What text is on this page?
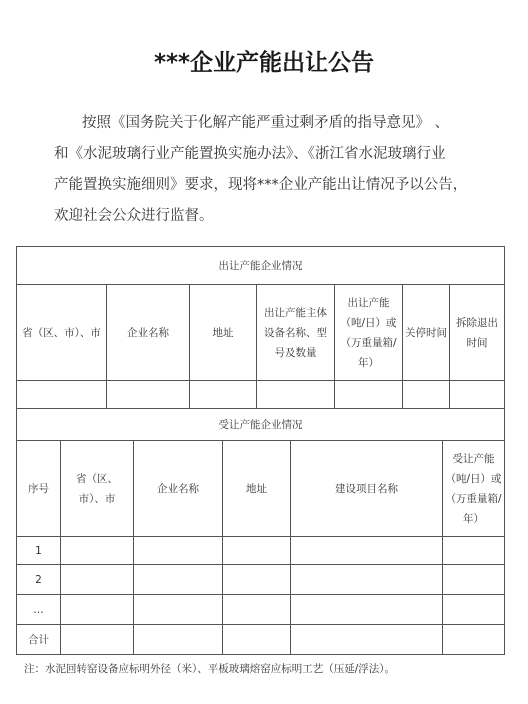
***企业产能出让公告
按照《国务院关于化解产能严重过剩矛盾的指导意见》 、
和《水泥玻璃行业产能置换实施办法》、《浙江省水泥玻璃行业
产能置换实施细则》要求，现将***企业产能出让情况予以公告，
欢迎社会公众进行监督。
出让产能企业情况						
省（区、市）、市	企业名称	地址	出让产能主体设备名称、型号及数量	出让产能（吨/日）或（万重量箱/年）	关停时间	拆除退出时间

受让产能企业情况					
序号	省（区、市）、市	企业名称	地址	建设项目名称	受让产能（吨/日）或（万重量箱/年）
1					
2					
…					
合计					
注：水泥回转窑设备应标明外径（米）、平板玻璃熔窑应标明工艺（压延/浮法）。
